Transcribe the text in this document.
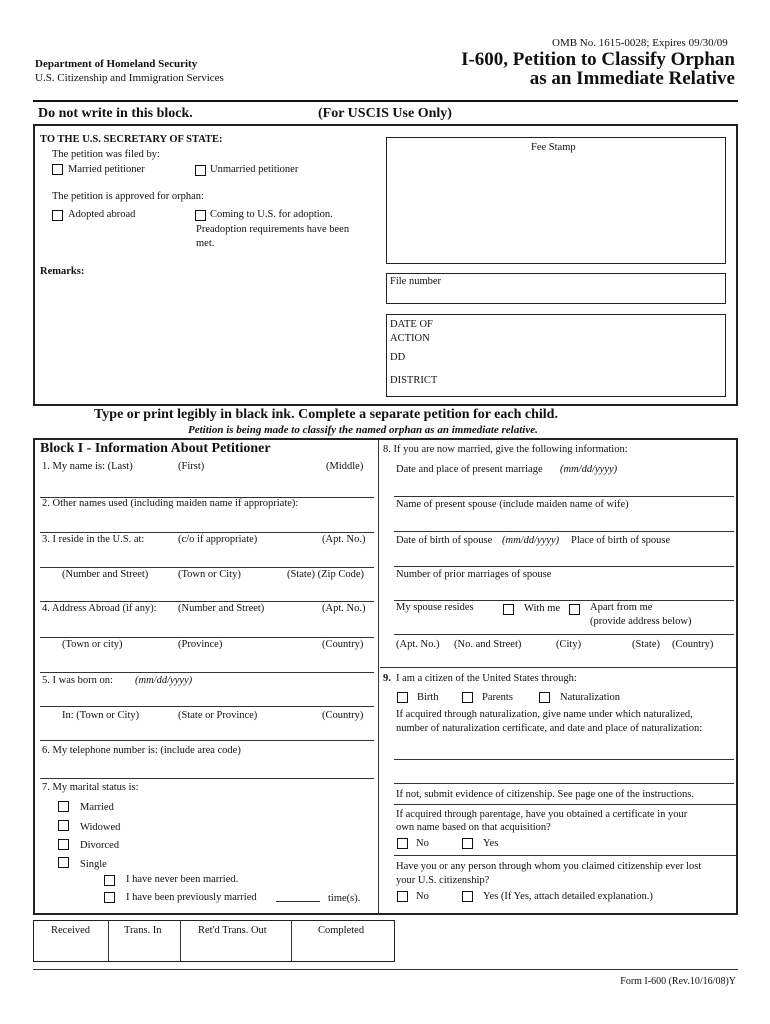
OMB No. 1615-0028; Expires 09/30/09
Department of Homeland Security
U.S. Citizenship and Immigration Services
I-600, Petition to Classify Orphan
as an Immediate Relative
Do not write in this block.	(For USCIS Use Only)
TO THE U.S. SECRETARY OF STATE:
The petition was filed by:
Married petitioner	Unmarried petitioner
The petition is approved for orphan:
Adopted abroad	Coming to U.S. for adoption.
Preadoption requirements have been
met.
Remarks:
Fee Stamp
File number
DATE OF
ACTION
DD
DISTRICT
Type or print legibly in black ink. Complete a separate petition for each child.
Petition is being made to classify the named orphan as an immediate relative.
Block I - Information About Petitioner
1. My name is: (Last)	(First)	(Middle)
2. Other names used (including maiden name if appropriate):
3. I reside in the U.S. at:	(c/o if appropriate)	(Apt. No.)
(Number and Street)	(Town or City)	(State) (Zip Code)
4. Address Abroad (if any): (Number and Street)	(Apt. No.)
(Town or city)	(Province)	(Country)
5. I was born on: (mm/dd/yyyy)
In: (Town or City)	(State or Province)	(Country)
6. My telephone number is: (include area code)
7. My marital status is:
Married
Widowed
Divorced
Single
I have never been married.
I have been previously married	time(s).
8. If you are now married, give the following information:
Date and place of present marriage (mm/dd/yyyy)
Name of present spouse (include maiden name of wife)
Date of birth of spouse (mm/dd/yyyy) Place of birth of spouse
Number of prior marriages of spouse
My spouse resides	With me	Apart from me
(provide address below)
(Apt. No.) (No. and Street)	(City)	(State) (Country)
9. I am a citizen of the United States through:
Birth	Parents	Naturalization
If acquired through naturalization, give name under which naturalized,
number of naturalization certificate, and date and place of naturalization:
If not, submit evidence of citizenship. See page one of the instructions.
If acquired through parentage, have you obtained a certificate in your
own name based on that acquisition?
No	Yes
Have you or any person through whom you claimed citizenship ever lost
your U.S. citizenship?
No	Yes (If Yes, attach detailed explanation.)
Received	Trans. In	Ret'd Trans. Out	Completed
Form I-600 (Rev.10/16/08)Y
